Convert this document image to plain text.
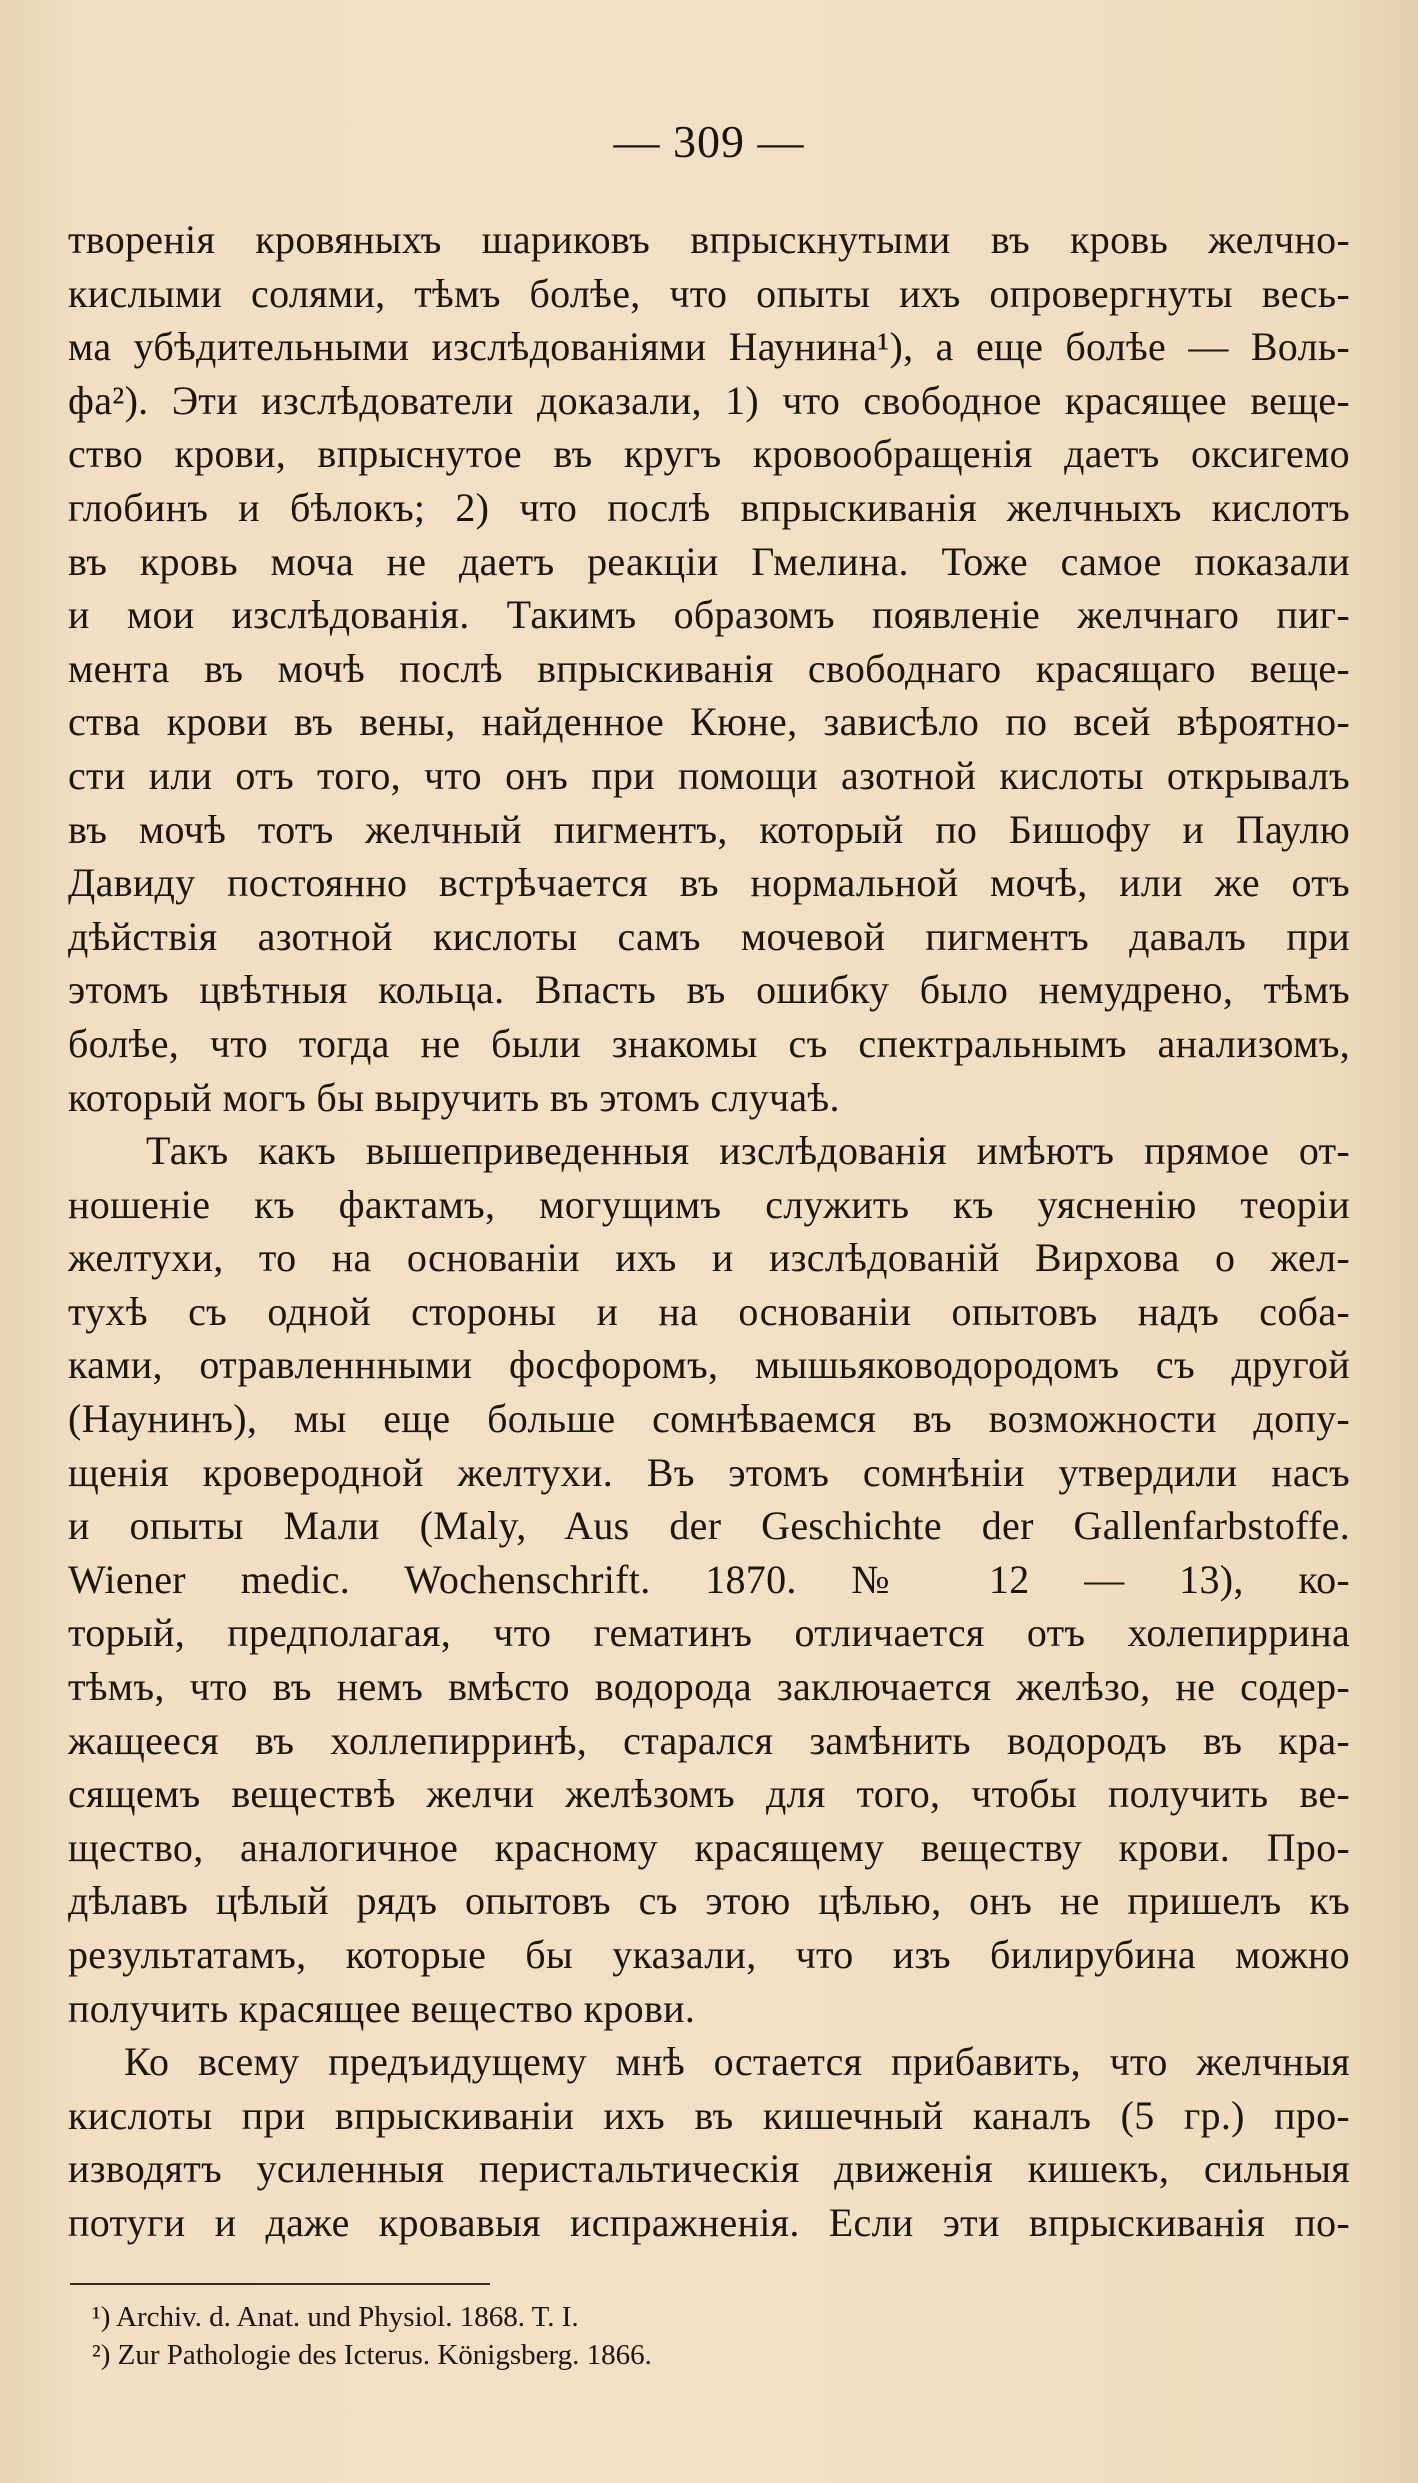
— 309 —
творенія кровяныхъ шариковъ впрыскнутыми въ кровь желчно-
кислыми солями, тѣмъ болѣе, что опыты ихъ опровергнуты весь-
ма убѣдительными изслѣдованіями Наунина¹), а еще болѣе — Воль-
фа²). Эти изслѣдователи доказали, 1) что свободное красящее веще-
ство крови, впрыснутое въ кругъ кровообращенія даетъ оксигемо
глобинъ и бѣлокъ; 2) что послѣ впрыскиванія желчныхъ кислотъ
въ кровь моча не даетъ реакціи Гмелина. Тоже самое показали
и мои изслѣдованія. Такимъ образомъ появленіе желчнаго пиг-
мента въ мочѣ послѣ впрыскиванія свободнаго красящаго веще-
ства крови въ вены, найденное Кюне, зависѣло по всей вѣроятно-
сти или отъ того, что онъ при помощи азотной кислоты открывалъ
въ мочѣ тотъ желчный пигментъ, который по Бишофу и Паулю
Давиду постоянно встрѣчается въ нормальной мочѣ, или же отъ
дѣйствія азотной кислоты самъ мочевой пигментъ давалъ при
этомъ цвѣтныя кольца. Впасть въ ошибку было немудрено, тѣмъ
болѣе, что тогда не были знакомы съ спектральнымъ анализомъ,
который могъ бы выручить въ этомъ случаѣ.
Такъ какъ вышеприведенныя изслѣдованія имѣютъ прямое от-
ношеніе къ фактамъ, могущимъ служить къ уясненію теоріи
желтухи, то на основаніи ихъ и изслѣдованій Вирхова о жел-
тухѣ съ одной стороны и на основаніи опытовъ надъ соба-
ками, отравленнными фосфоромъ, мышьяководородомъ съ другой
(Наунинъ), мы еще больше сомнѣваемся въ возможности допу-
щенія кроверодной желтухи. Въ этомъ сомнѣніи утвердили насъ
и опыты Мали (Maly, Aus der Geschichte der Gallenfarbstoffe.
Wiener medic. Wochenschrift. 1870. № 12 — 13), ко-
торый, предполагая, что гематинъ отличается отъ холепиррина
тѣмъ, что въ немъ вмѣсто водорода заключается желѣзо, не содер-
жащееся въ холлепирринѣ, старался замѣнить водородъ въ кра-
сящемъ веществѣ желчи желѣзомъ для того, чтобы получить ве-
щество, аналогичное красному красящему веществу крови. Про-
дѣлавъ цѣлый рядъ опытовъ съ этою цѣлью, онъ не пришелъ къ
результатамъ, которые бы указали, что изъ билирубина можно
получить красящее вещество крови.
Ко всему предъидущему мнѣ остается прибавить, что желчныя
кислоты при впрыскиваніи ихъ въ кишечный каналъ (5 гр.) про-
изводятъ усиленныя перистальтическія движенія кишекъ, сильныя
потуги и даже кровавыя испражненія. Если эти впрыскиванія по-
¹) Archiv. d. Anat. und Physiol. 1868. T. I.
²) Zur Pathologie des Icterus. Königsberg. 1866.
